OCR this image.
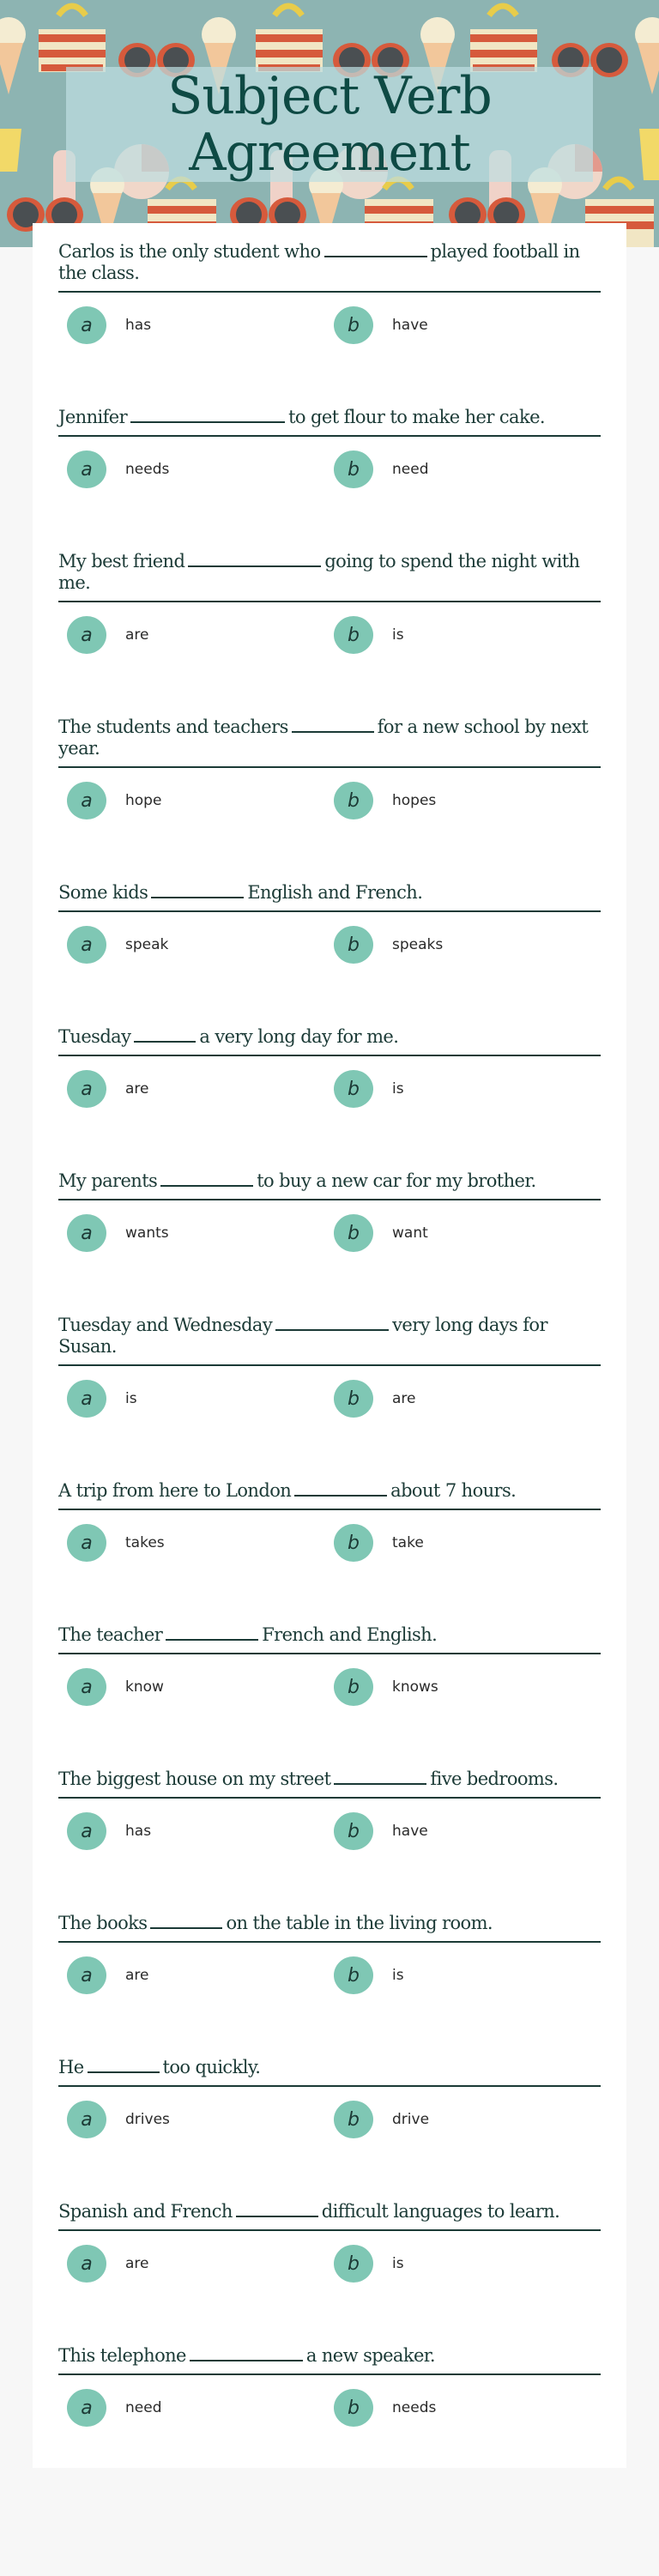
Subject Verb Agreement
Carlos is the only student who	played football in the class.
a	has	b	have
Jennifer	to get flour to make her cake.
a	needs	b	need
My best friend	going to spend the night with me.
a	are	b	is
The students and teachers	for a new school by next year.
a	hope	b	hopes
Some kids	English and French.
a	speak	b	speaks
Tuesday	a very long day for me.
a	are	b	is
My parents	to buy a new car for my brother.
a	wants	b	want
Tuesday and Wednesday	very long days for Susan.
a	is	b	are
A trip from here to London	about 7 hours.
a	takes	b	take
The teacher	French and English.
a	know	b	knows
The biggest house on my street	five bedrooms.
a	has	b	have
The books	on the table in the living room.
a	are	b	is
He	too quickly.
a	drives	b	drive
Spanish and French	difficult languages to learn.
a	are	b	is
This telephone	a new speaker.
a	need	b	needs
